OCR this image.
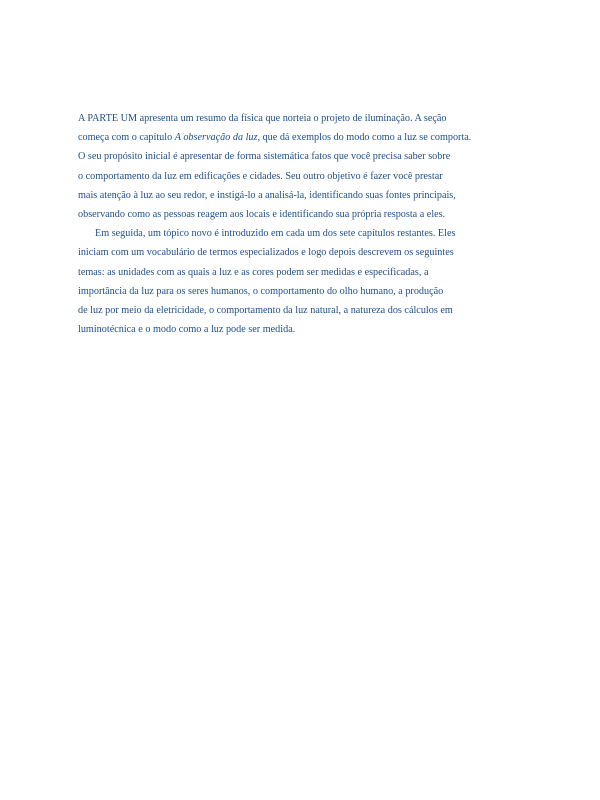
A PARTE UM apresenta um resumo da física que norteia o projeto de iluminação. A seção
começa com o capítulo A observação da luz, que dá exemplos do modo como a luz se comporta.
O seu propósito inicial é apresentar de forma sistemática fatos que você precisa saber sobre
o comportamento da luz em edificações e cidades. Seu outro objetivo é fazer você prestar
mais atenção à luz ao seu redor, e instigá-lo a analisá-la, identificando suas fontes principais,
observando como as pessoas reagem aos locais e identificando sua própria resposta a eles.
Em seguida, um tópico novo é introduzido em cada um dos sete capítulos restantes. Eles
iniciam com um vocabulário de termos especializados e logo depois descrevem os seguintes
temas: as unidades com as quais a luz e as cores podem ser medidas e especificadas, a
importância da luz para os seres humanos, o comportamento do olho humano, a produção
de luz por meio da eletricidade, o comportamento da luz natural, a natureza dos cálculos em
luminotécnica e o modo como a luz pode ser medida.
